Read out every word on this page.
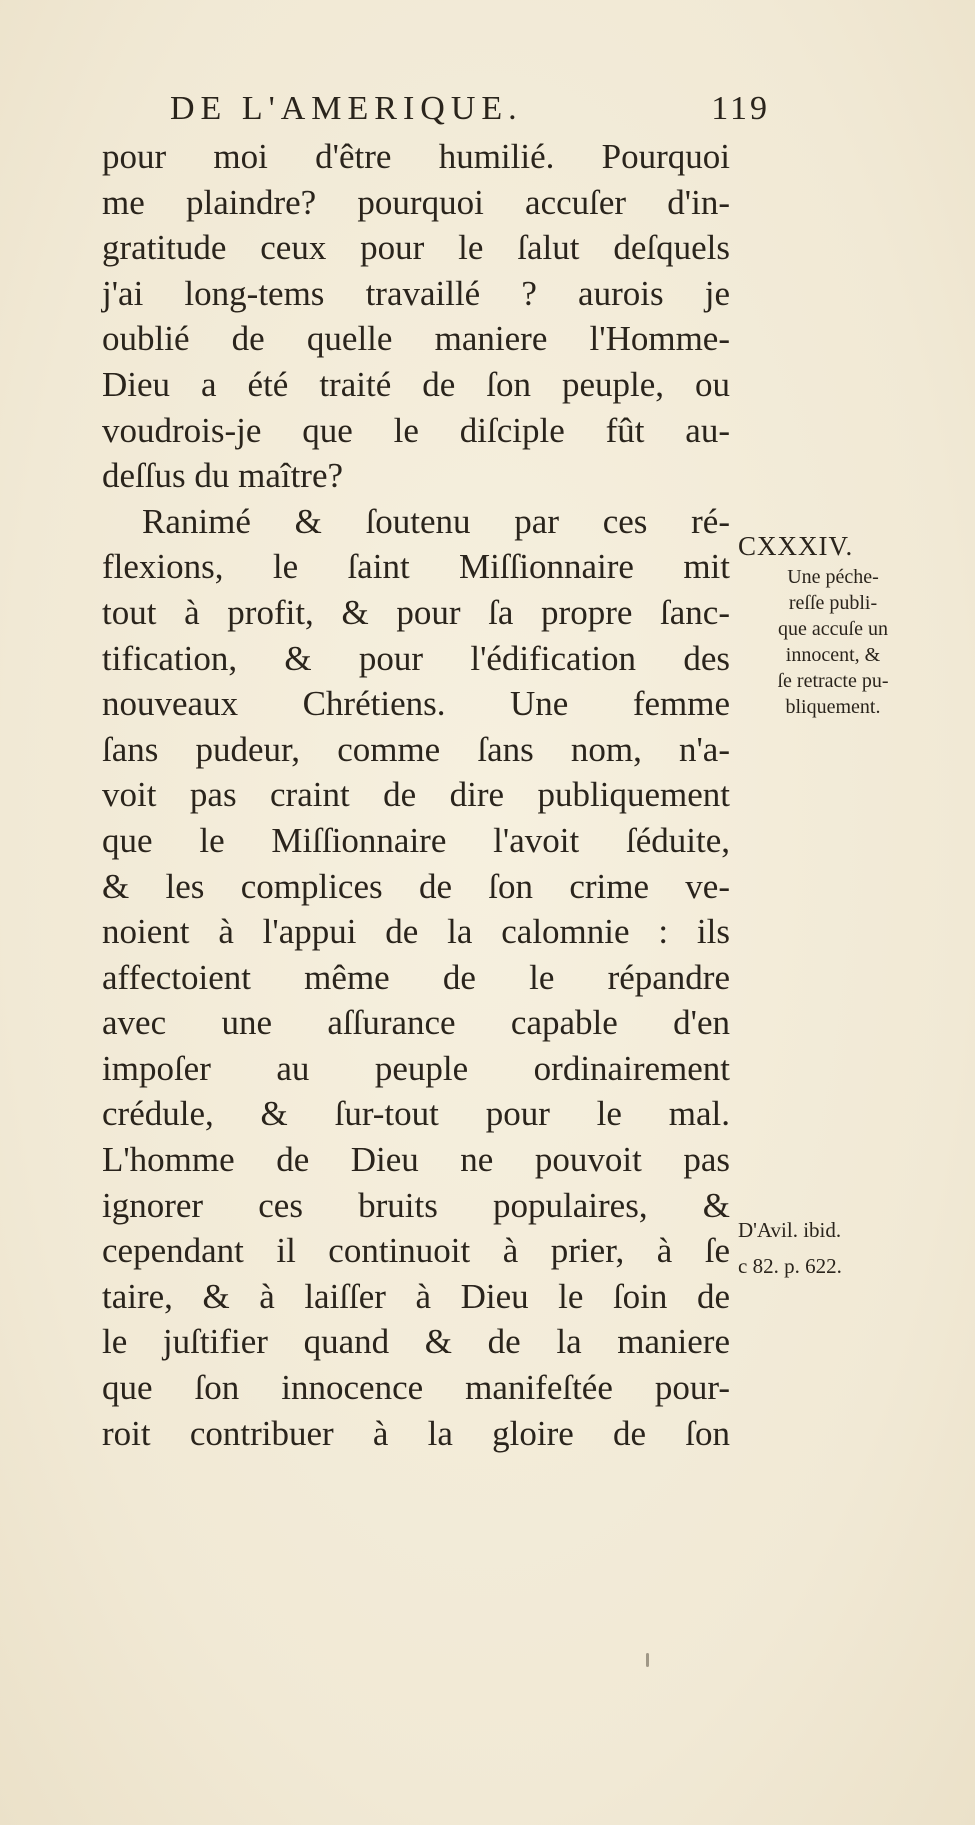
DE L'AMERIQUE.	119
pour moi d'être humilié. Pourquoi
me plaindre? pourquoi accuſer d'in-
gratitude ceux pour le ſalut deſquels
j'ai long-tems travaillé ? aurois je
oublié de quelle maniere l'Homme-
Dieu a été traité de ſon peuple, ou
voudrois-je que le diſciple fût au-
deſſus du maître?
Ranimé & ſoutenu par ces ré-
flexions, le ſaint Miſſionnaire mit
tout à profit, & pour ſa propre ſanc-
tification, & pour l'édification des
nouveaux Chrétiens. Une femme
ſans pudeur, comme ſans nom, n'a-
voit pas craint de dire publiquement
que le Miſſionnaire l'avoit ſéduite,
& les complices de ſon crime ve-
noient à l'appui de la calomnie : ils
affectoient même de le répandre
avec une aſſurance capable d'en
impoſer au peuple ordinairement
crédule, & ſur-tout pour le mal.
L'homme de Dieu ne pouvoit pas
ignorer ces bruits populaires, &
cependant il continuoit à prier, à ſe
taire, & à laiſſer à Dieu le ſoin de
le juſtifier quand & de la maniere
que ſon innocence manifeſtée pour-
roit contribuer à la gloire de ſon
CXXXIV.
Une péche-
reſſe publi-
que accuſe un
innocent, &
ſe retracte pu-
bliquement.
D'Avil. ibid.
c 82. p. 622.
